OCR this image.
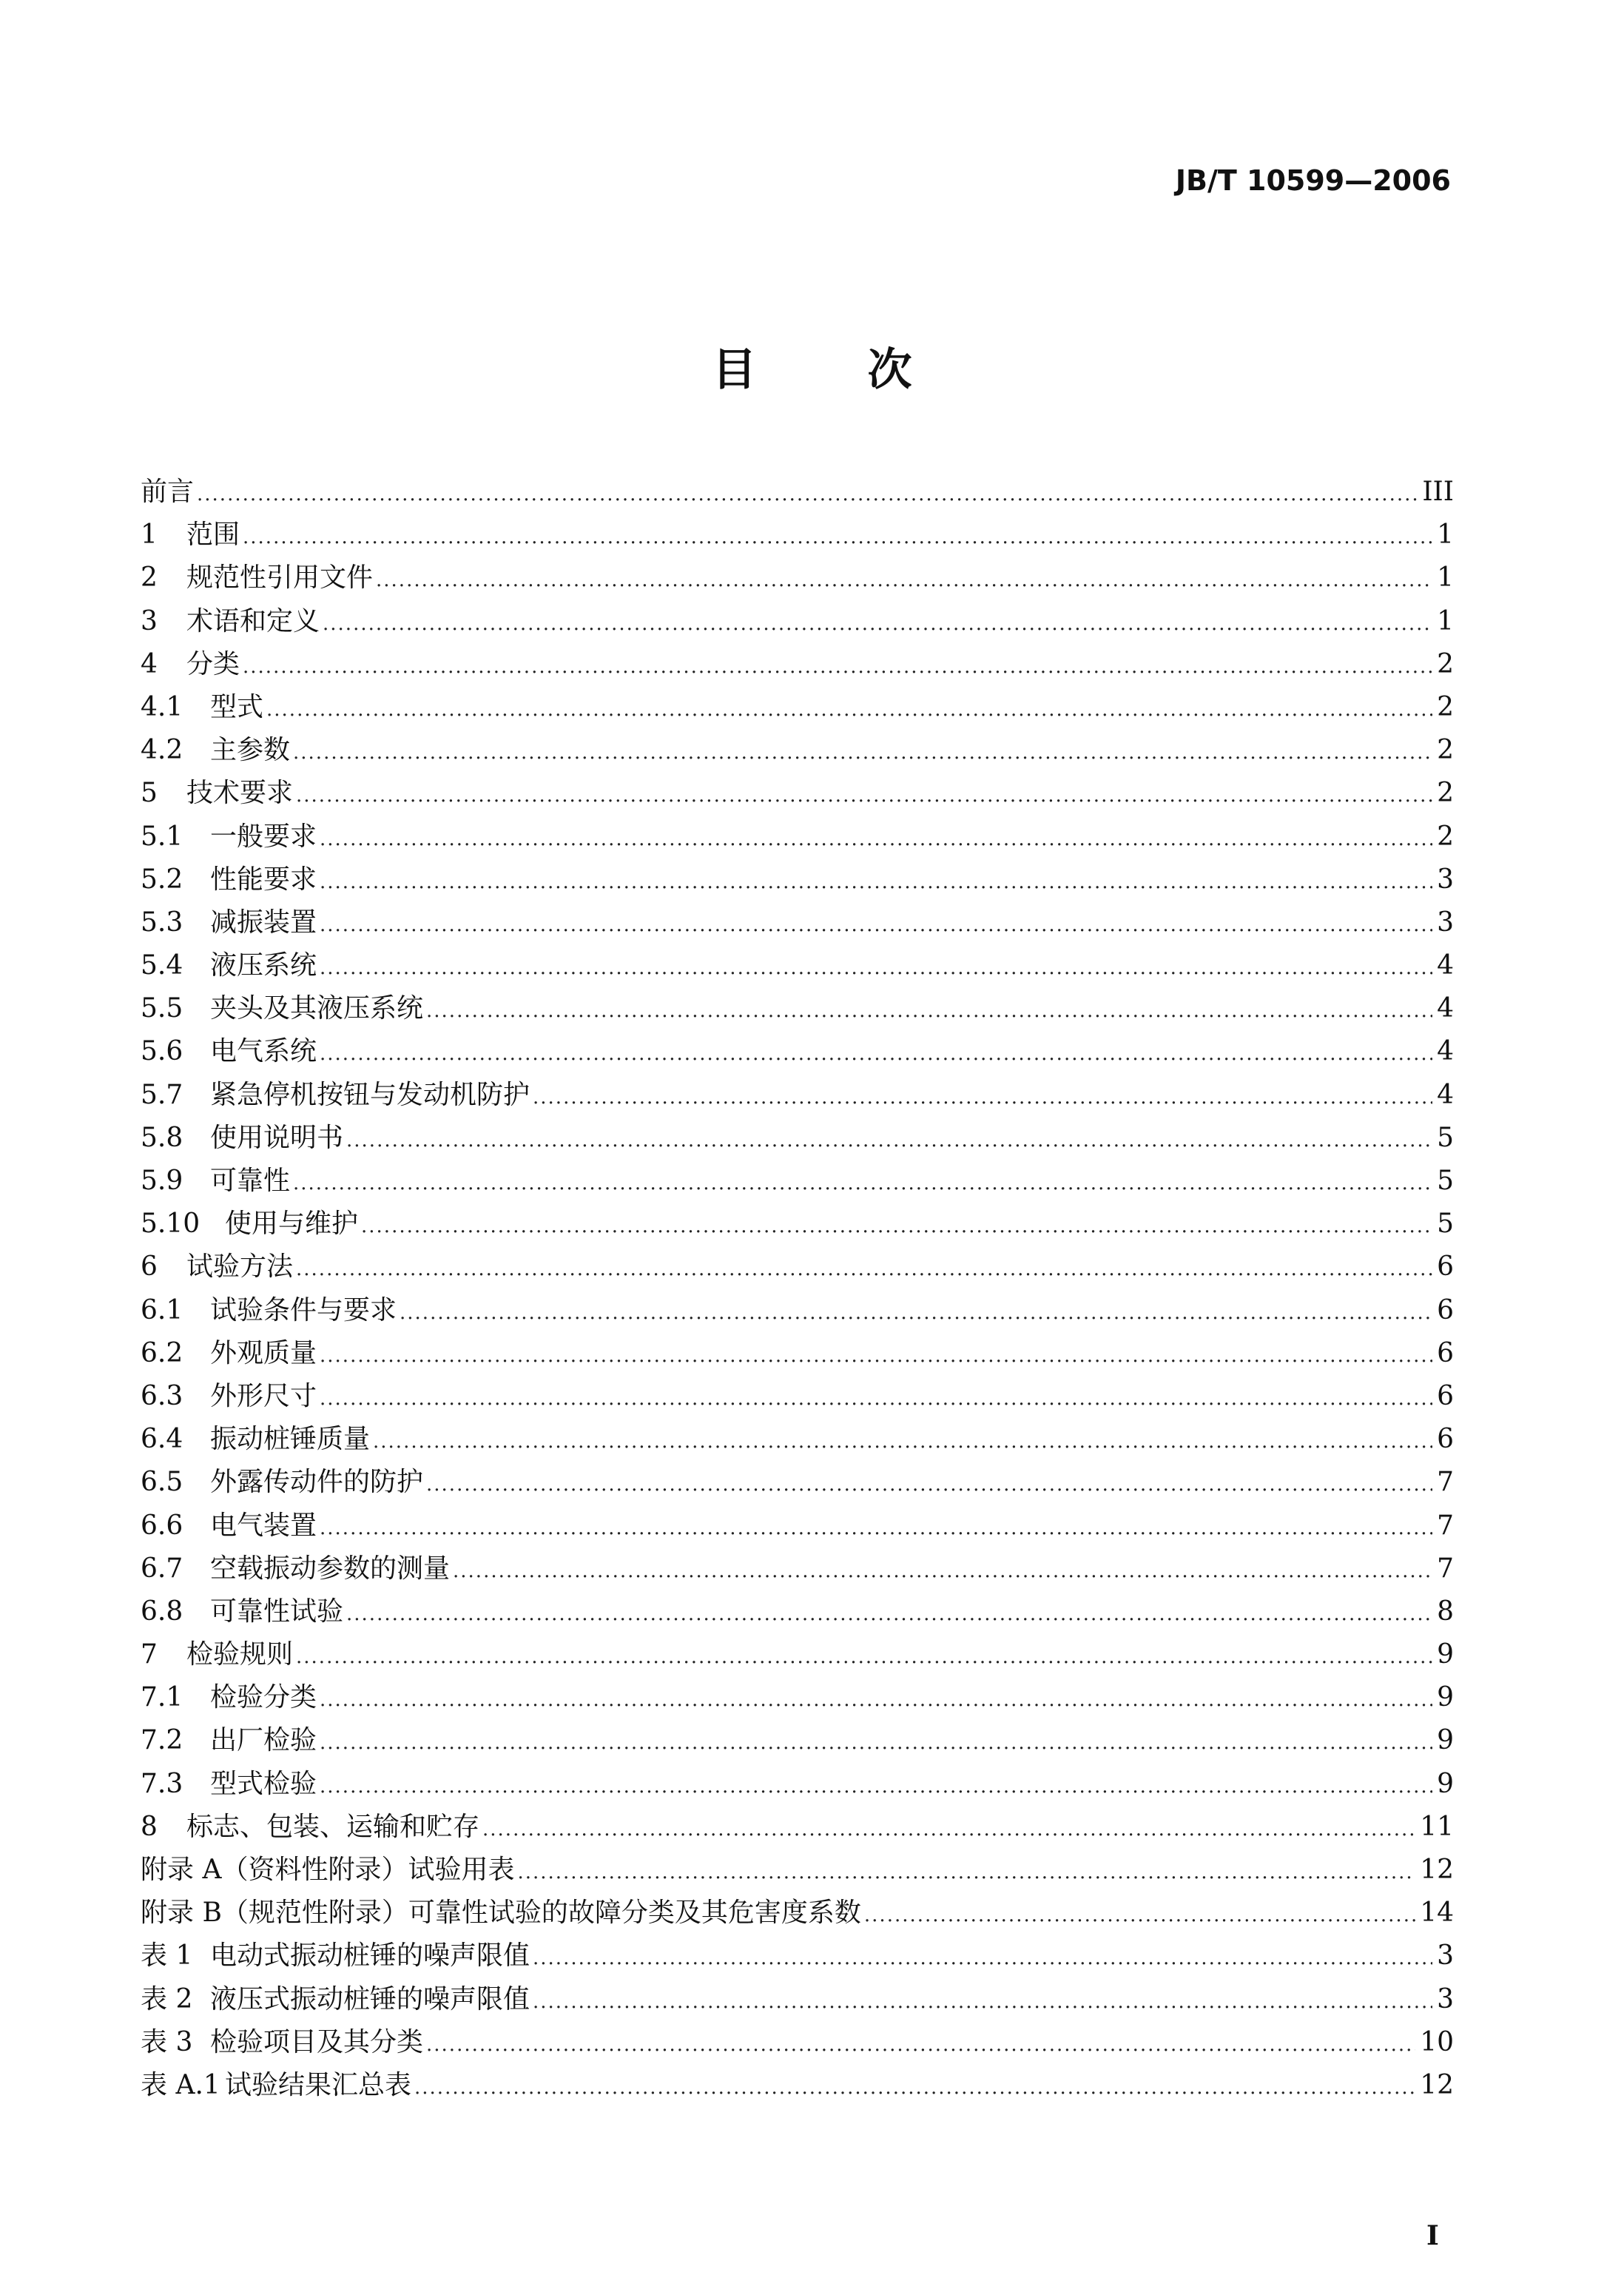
JB/T 10599—2006
目	次
前言 .....	III
1	范围 .....	1
2	规范性引用文件 .....	1
3	术语和定义 .....	1
4	分类 .....	2
4.1	型式 .....	2
4.2	主参数 .....	2
5	技术要求 .....	2
5.1	一般要求 .....	2
5.2	性能要求 .....	3
5.3	减振装置 .....	3
5.4	液压系统 .....	4
5.5	夹头及其液压系统 .....	4
5.6	电气系统 .....	4
5.7	紧急停机按钮与发动机防护 .....	4
5.8	使用说明书 .....	5
5.9	可靠性 .....	5
5.10 使用与维护 .....	5
6	试验方法 .....	6
6.1	试验条件与要求 .....	6
6.2	外观质量 .....	6
6.3	外形尺寸 .....	6
6.4	振动桩锤质量 .....	6
6.5	外露传动件的防护 .....	7
6.6	电气装置 .....	7
6.7	空载振动参数的测量 .....	7
6.8	可靠性试验 .....	8
7	检验规则 .....	9
7.1	检验分类 .....	9
7.2	出厂检验 .....	9
7.3	型式检验 .....	9
8	标志、包装、运输和贮存 .....	11
附录 A（资料性附录）试验用表 .....	12
附录 B（规范性附录）可靠性试验的故障分类及其危害度系数 .....	14
表 1 电动式振动桩锤的噪声限值 .....	3
表 2 液压式振动桩锤的噪声限值 .....	3
表 3 检验项目及其分类 .....	10
表 A.1 试验结果汇总表 .....	12
I
